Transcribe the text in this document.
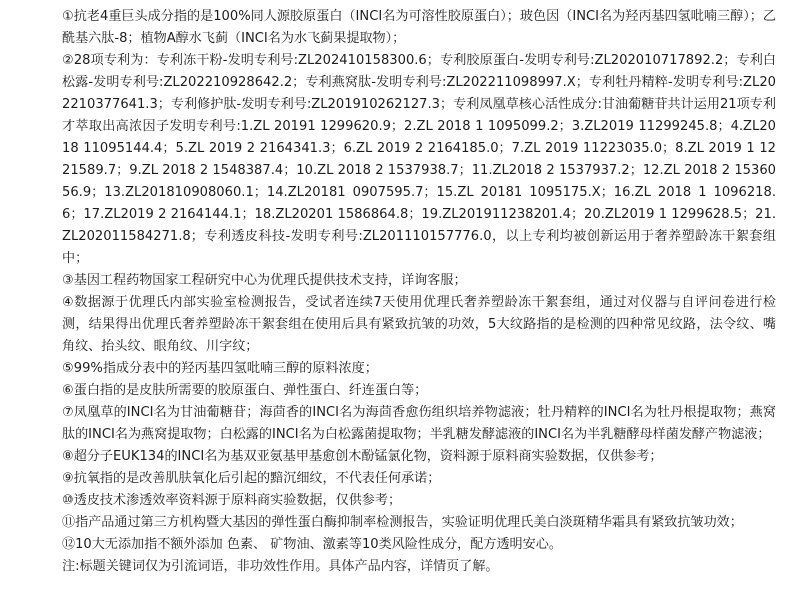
①抗老4重巨头成分指的是100%同人源胶原蛋白（INCI名为可溶性胶原蛋白）；玻色因（INCI名为羟丙基四氢吡喃三醇）；乙酰基六肽-8；植物A醇水飞蓟（INCI名为水飞蓟果提取物）；
②28项专利为：专利冻干粉-发明专利号:ZL202410158300.6；专利胶原蛋白-发明专利号:ZL202010717892.2；专利白松露-发明专利号:ZL202210928642.2；专利燕窝肽-发明专利号:ZL202211098997.X；专利牡丹精粹-发明专利号:ZL202210377641.3；专利修护肽-发明专利号:ZL201910262127.3；专利凤凰草核心活性成分:甘油葡糖苷共计运用21项专利才萃取出高浓因子发明专利号:1.ZL 20191 1299620.9；2.ZL 2018 1 1095099.2；3.ZL2019 11299245.8；4.ZL2018 11095144.4；5.ZL 2019 2 2164341.3；6.ZL 2019 2 2164185.0；7.ZL 2019 11223035.0；8.ZL 2019 1 1221589.7；9.ZL 2018 2 1548387.4；10.ZL 2018 2 1537938.7；11.ZL2018 2 1537937.2；12.ZL 2018 2 1536056.9；13.ZL201810908060.1；14.ZL20181 0907595.7；15.ZL 20181 1095175.X；16.ZL 2018 1 1096218.6；17.ZL2019 2 2164144.1；18.ZL20201 1586864.8；19.ZL201911238201.4；20.ZL2019 1 1299628.5；21.ZL202011584271.8；专利透皮科技-发明专利号:ZL201110157776.0，以上专利均被创新运用于奢养塑龄冻干絮套组中；
③基因工程药物国家工程研究中心为优理氏提供技术支持，详询客服；
④数据源于优理氏内部实验室检测报告，受试者连续7天使用优理氏奢养塑龄冻干絮套组，通过对仪器与自评问卷进行检测，结果得出优理氏奢养塑龄冻干絮套组在使用后具有紧致抗皱的功效，5大纹路指的是检测的四种常见纹路，法令纹、嘴角纹、抬头纹、眼角纹、川字纹；
⑤99%指成分表中的羟丙基四氢吡喃三醇的原料浓度；
⑥蛋白指的是皮肤所需要的胶原蛋白、弹性蛋白、纤连蛋白等；
⑦凤凰草的INCI名为甘油葡糖苷；海茴香的INCI名为海茴香愈伤组织培养物滤液；牡丹精粹的INCI名为牡丹根提取物；燕窝肽的INCI名为燕窝提取物；白松露的INCI名为白松露菌提取物；半乳糖发酵滤液的INCI名为半乳糖酵母样菌发酵产物滤液；
⑧超分子EUK134的INCI名为基双亚氨基甲基愈创木酚锰氯化物，资料源于原料商实验数据，仅供参考；
⑨抗氧指的是改善肌肤氧化后引起的黯沉细纹，不代表任何承诺；
⑩透皮技术渗透效率资料源于原料商实验数据，仅供参考；
⑪指产品通过第三方机构暨大基因的弹性蛋白酶抑制率检测报告，实验证明优理氏美白淡斑精华霜具有紧致抗皱功效；
⑫10大无添加指不额外添加 色素、 矿物油、激素等10类风险性成分，配方透明安心。
注:标题关键词仅为引流词语，非功效性作用。具体产品内容，详情页了解。
